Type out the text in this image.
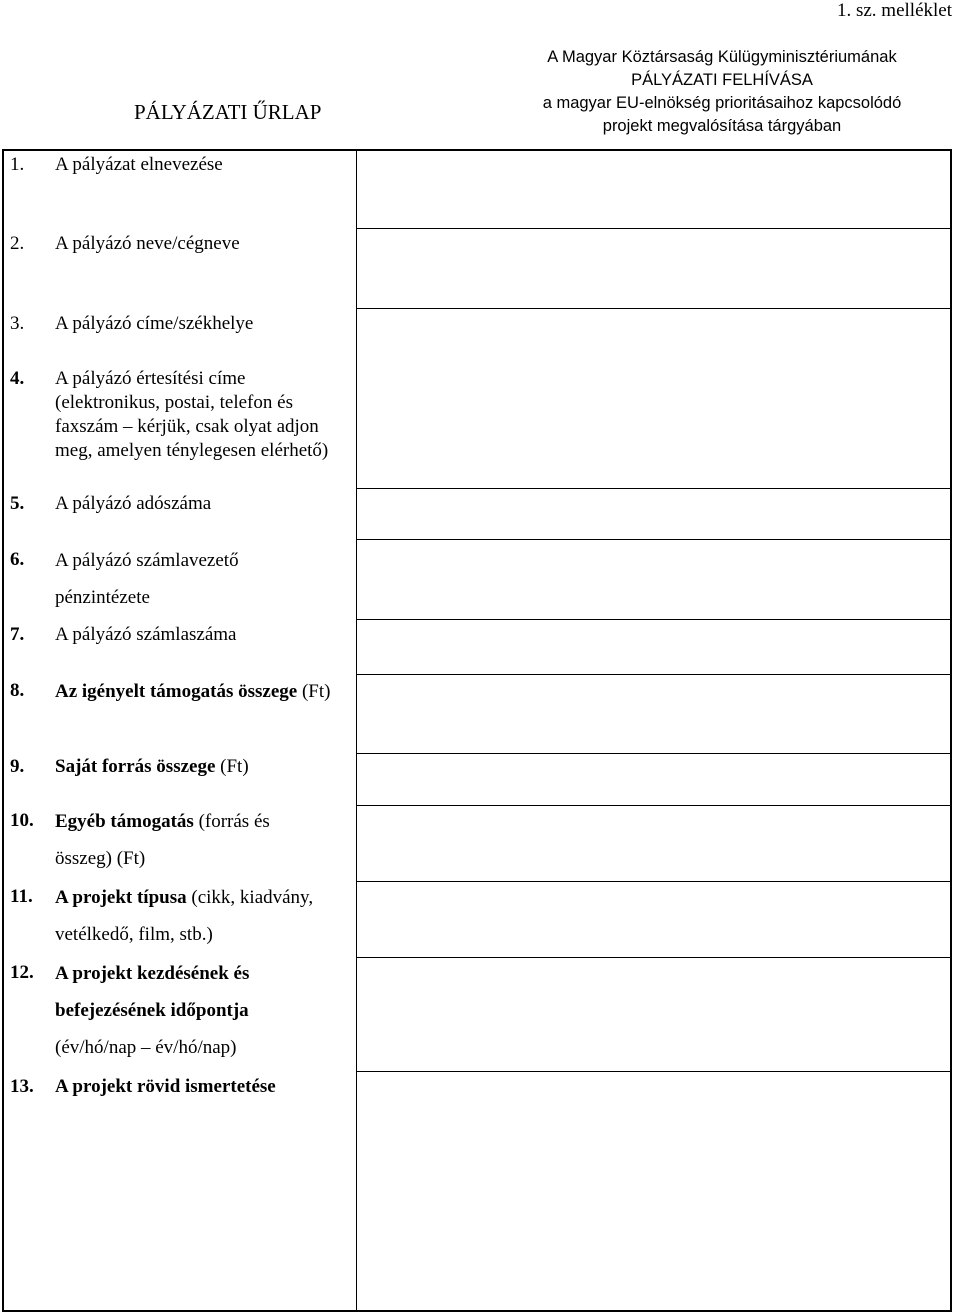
1. sz. melléklet
PÁLYÁZATI ŰRLAP
A Magyar Köztársaság Külügyminisztériumának
PÁLYÁZATI FELHÍVÁSA
a magyar EU-elnökség prioritásaihoz kapcsolódó
projekt megvalósítása tárgyában
1. A pályázat elnevezése
2. A pályázó neve/cégneve
3. A pályázó címe/székhelye
4. A pályázó értesítési címe (elektronikus, postai, telefon és faxszám – kérjük, csak olyat adjon meg, amelyen ténylegesen elérhető)
5. A pályázó adószáma
6. A pályázó számlavezető pénzintézete
7. A pályázó számlaszáma
8. Az igényelt támogatás összege (Ft)
9. Saját forrás összege (Ft)
10. Egyéb támogatás (forrás és összeg) (Ft)
11. A projekt típusa (cikk, kiadvány, vetélkedő, film, stb.)
12. A projekt kezdésének és befejezésének időpontja (év/hó/nap – év/hó/nap)
13. A projekt rövid ismertetése
